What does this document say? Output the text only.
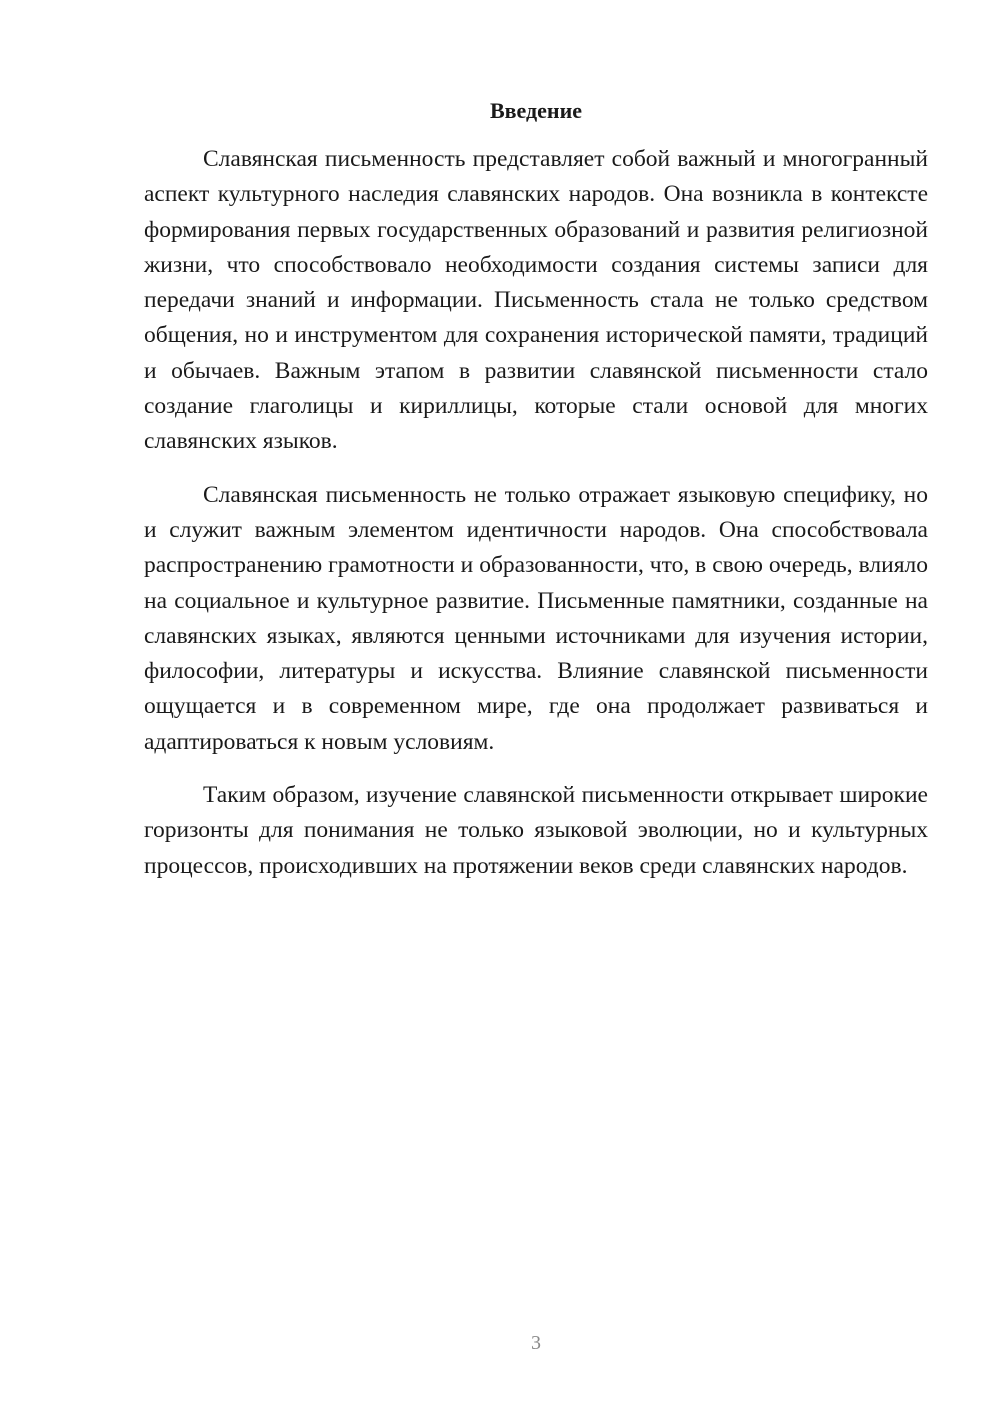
Введение

Славянская письменность представляет собой важный и многогранный аспект культурного наследия славянских народов. Она возникла в контексте формирования первых государственных образований и развития религиозной жизни, что способствовало необходимости создания системы записи для передачи знаний и информации. Письменность стала не только средством общения, но и инструментом для сохранения исторической памяти, традиций и обычаев. Важным этапом в развитии славянской письменности стало создание глаголицы и кириллицы, которые стали основой для многих славянских языков.

Славянская письменность не только отражает языковую специфику, но и служит важным элементом идентичности народов. Она способствовала распространению грамотности и образованности, что, в свою очередь, влияло на социальное и культурное развитие. Письменные памятники, созданные на славянских языках, являются ценными источниками для изучения истории, философии, литературы и искусства. Влияние славянской письменности ощущается и в современном мире, где она продолжает развиваться и адаптироваться к новым условиям.

Таким образом, изучение славянской письменности открывает широкие горизонты для понимания не только языковой эволюции, но и культурных процессов, происходивших на протяжении веков среди славянских народов.

3
